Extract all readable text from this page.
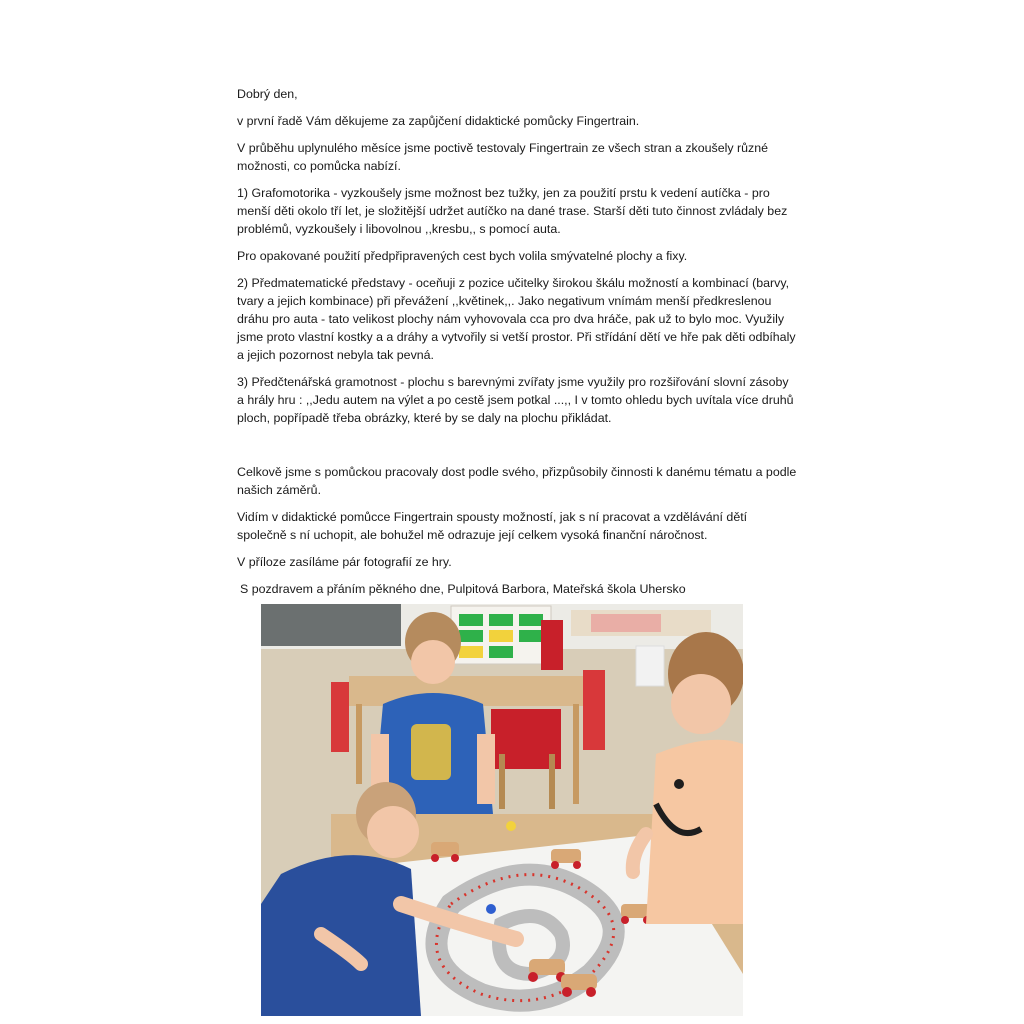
Dobrý den,

v první řadě Vám děkujeme za zapůjčení didaktické pomůcky Fingertrain.

V průběhu uplynulého měsíce jsme poctivě testovaly Fingertrain ze všech stran a zkoušely různé možnosti, co pomůcka nabízí.

1) Grafomotorika - vyzkoušely jsme možnost bez tužky, jen za použití prstu k vedení autíčka - pro menší děti okolo tří let, je složitější udržet autíčko na dané trase. Starší děti tuto činnost zvládaly bez problémů, vyzkoušely i libovolnou ,,kresbu,, s pomocí auta.

Pro opakované použití předpřipravených cest bych volila smývatelné plochy a fixy.

2) Předmatematické představy - oceňuji z pozice učitelky širokou škálu možností a kombinací (barvy, tvary a jejich kombinace) při převážení ,,květinek,,. Jako negativum vnímám menší předkreslenou dráhu pro auta - tato velikost plochy nám vyhovovala cca pro dva hráče, pak už to bylo moc. Využily jsme proto vlastní kostky a a dráhy a vytvořily si vetší prostor. Při střídání dětí ve hře pak děti odbíhaly a jejich pozornost nebyla tak pevná.

3) Předčtenářská gramotnost - plochu s barevnými zvířaty jsme využily pro rozšiřování slovní zásoby a hrály hru : ,,Jedu autem na výlet a po cestě jsem potkal ...,, I v tomto ohledu bych uvítala více druhů ploch, popřípadě třeba obrázky, které by se daly na plochu přikládat.

Celkově jsme s pomůckou pracovaly dost podle svého, přizpůsobily činnosti k danému tématu a podle našich záměrů.

Vidím v didaktické pomůcce Fingertrain spousty možností, jak s ní pracovat a vzdělávání dětí společně s ní uchopit, ale bohužel mě odrazuje její celkem vysoká finanční náročnost.

V příloze zasíláme pár fotografií ze hry.

S pozdravem a přáním pěkného dne, Pulpitová Barbora, Mateřská škola Uhersko
